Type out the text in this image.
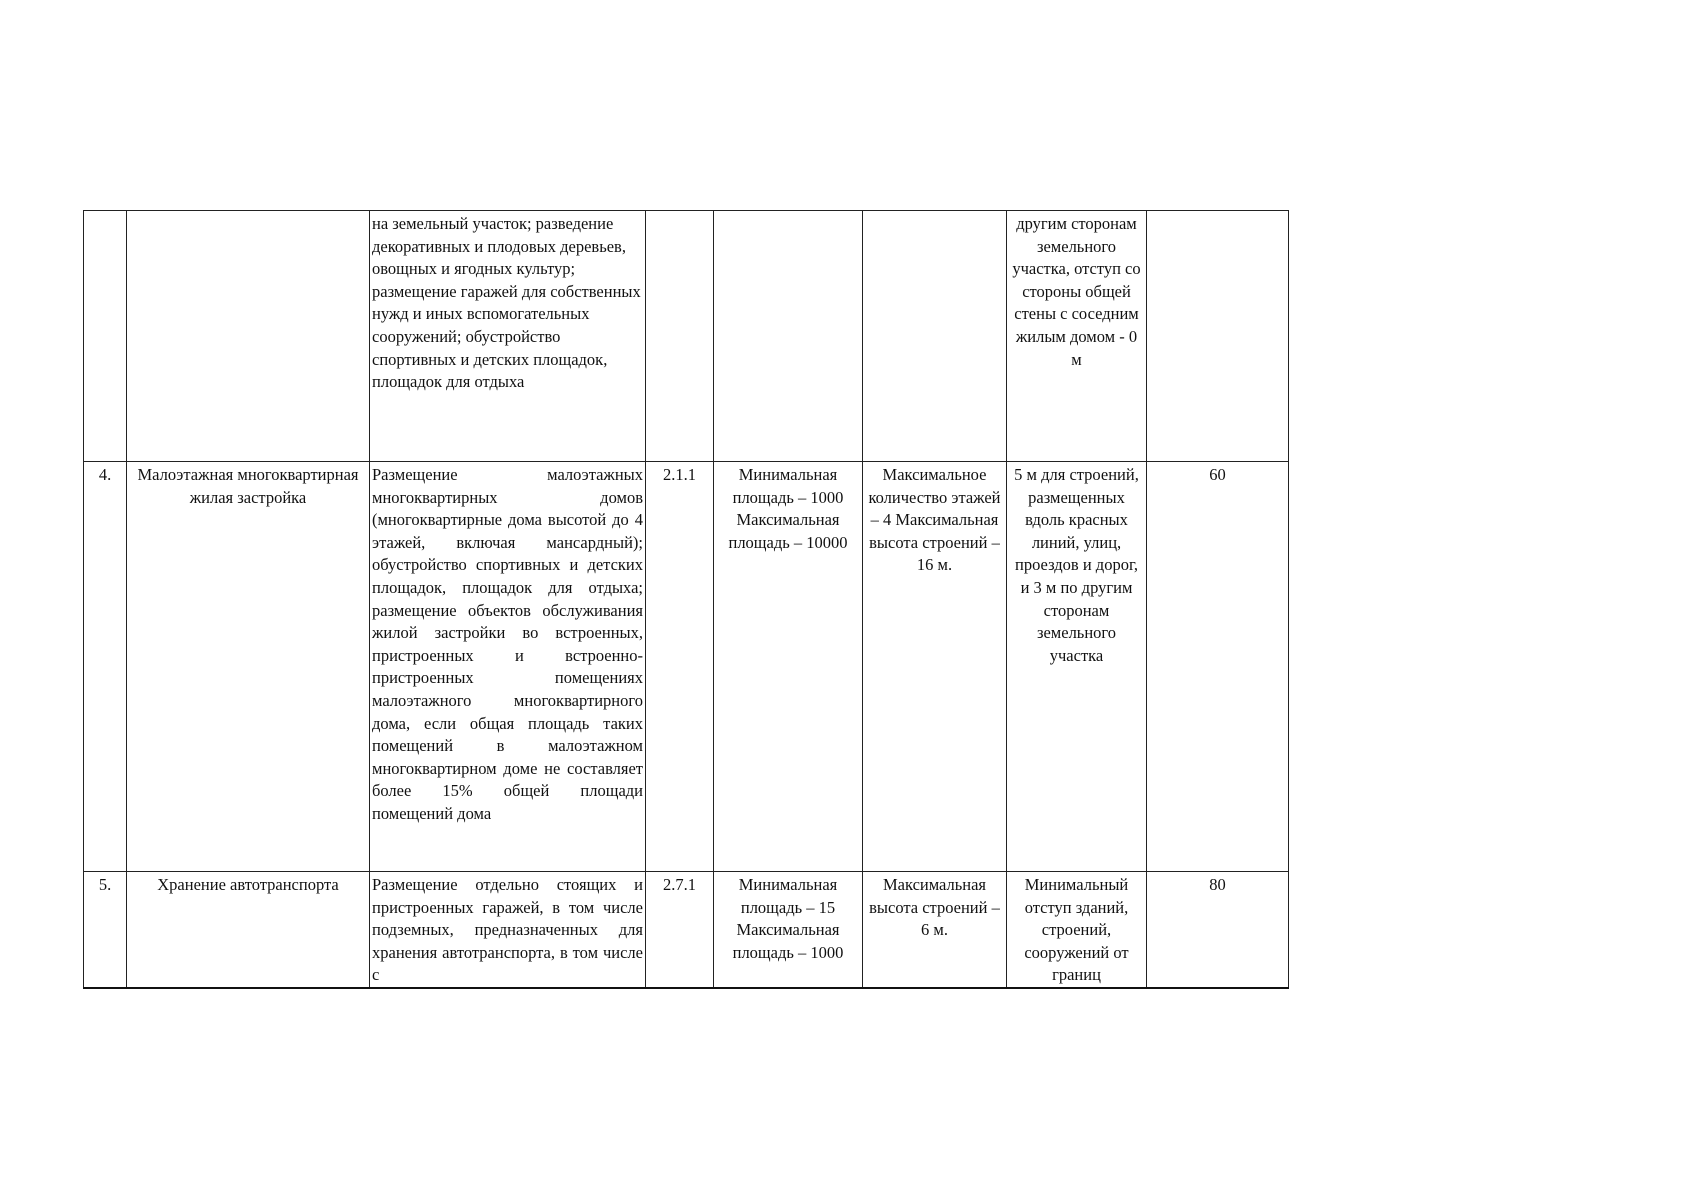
		на земельный участок; разведение декоративных и плодовых деревьев, овощных и ягодных культур; размещение гаражей для собственных нужд и иных вспомогательных сооружений; обустройство спортивных и детских площадок, площадок для отдыха				другим сторонам земельного участка, отступ со стороны общей стены с соседним жилым домом - 0 м	
4.	Малоэтажная многоквартирная жилая застройка	Размещение малоэтажных многоквартирных домов (многоквартирные дома высотой до 4 этажей, включая мансардный); обустройство спортивных и детских площадок, площадок для отдыха; размещение объектов обслуживания жилой застройки во встроенных, пристроенных и встроенно-пристроенных помещениях малоэтажного многоквартирного дома, если общая площадь таких помещений в малоэтажном многоквартирном доме не составляет более 15% общей площади помещений дома	2.1.1	Минимальная площадь – 1000 Максимальная площадь – 10000	Максимальное количество этажей – 4 Максимальная высота строений – 16 м.	5 м для строений, размещенных вдоль красных линий, улиц, проездов и дорог, и 3 м по другим сторонам земельного участка	60
5.	Хранение автотранспорта	Размещение отдельно стоящих и пристроенных гаражей, в том числе подземных, предназначенных для хранения автотранспорта, в том числе с	2.7.1	Минимальная площадь – 15 Максимальная площадь – 1000	Максимальная высота строений – 6 м.	Минимальный отступ зданий, строений, сооружений от границ	80
